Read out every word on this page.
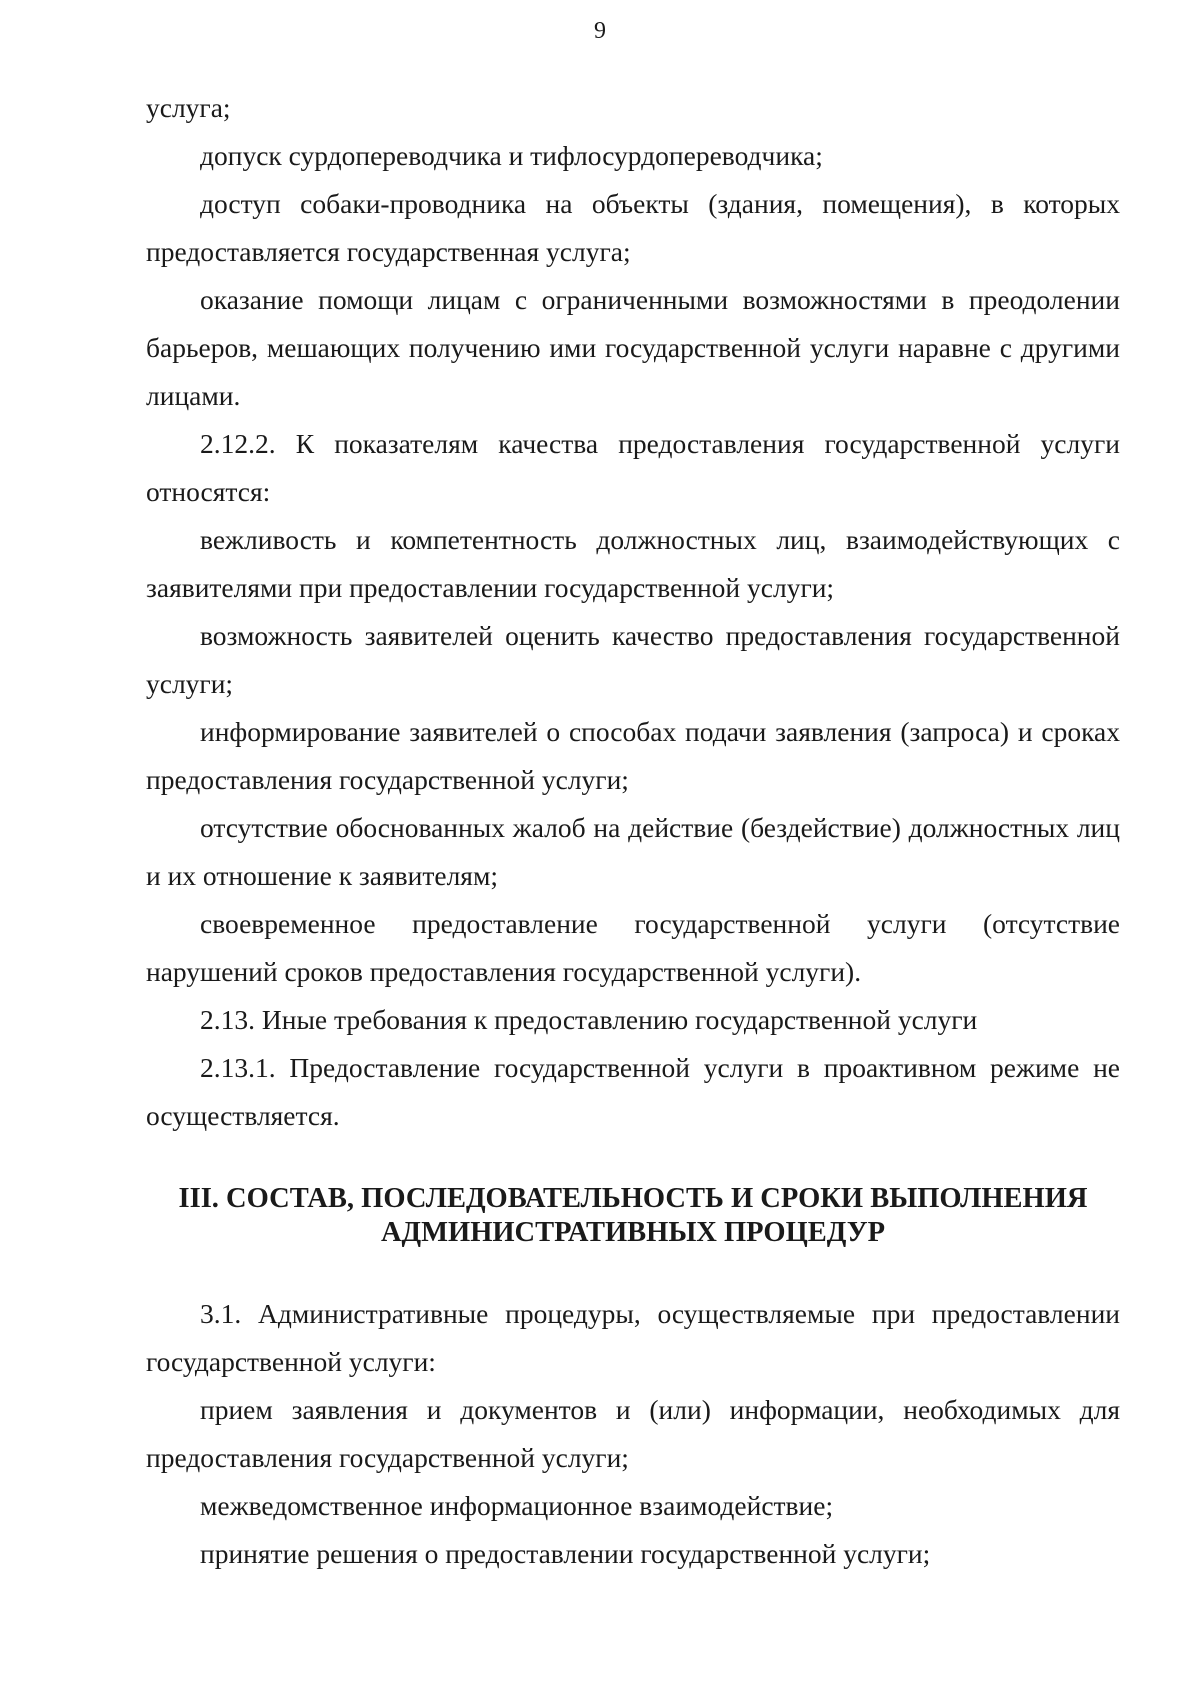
9

услуга;

допуск сурдопереводчика и тифлосурдопереводчика;

доступ собаки-проводника на объекты (здания, помещения), в которых предоставляется государственная услуга;

оказание помощи лицам с ограниченными возможностями в преодолении барьеров, мешающих получению ими государственной услуги наравне с другими лицами.

2.12.2. К показателям качества предоставления государственной услуги относятся:

вежливость и компетентность должностных лиц, взаимодействующих с заявителями при предоставлении государственной услуги;

возможность заявителей оценить качество предоставления государственной услуги;

информирование заявителей о способах подачи заявления (запроса) и сроках предоставления государственной услуги;

отсутствие обоснованных жалоб на действие (бездействие) должностных лиц и их отношение к заявителям;

своевременное предоставление государственной услуги (отсутствие нарушений сроков предоставления государственной услуги).

2.13. Иные требования к предоставлению государственной услуги

2.13.1. Предоставление государственной услуги в проактивном режиме не осуществляется.

III. СОСТАВ, ПОСЛЕДОВАТЕЛЬНОСТЬ И СРОКИ ВЫПОЛНЕНИЯ
АДМИНИСТРАТИВНЫХ ПРОЦЕДУР

3.1. Административные процедуры, осуществляемые при предоставлении государственной услуги:

прием заявления и документов и (или) информации, необходимых для предоставления государственной услуги;

межведомственное информационное взаимодействие;

принятие решения о предоставлении государственной услуги;
